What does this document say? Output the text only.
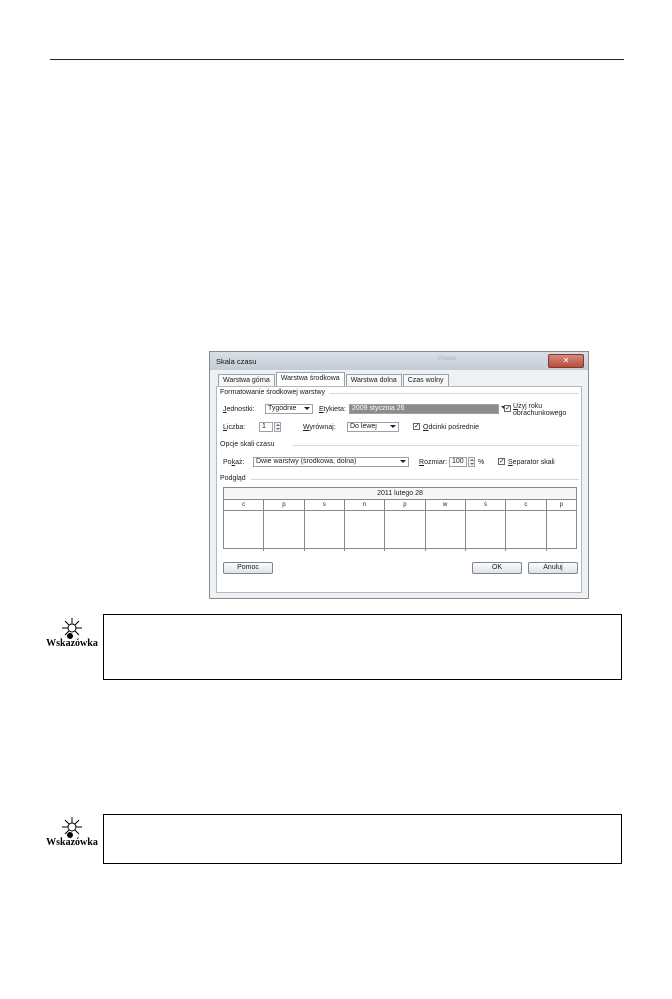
Skala czasu	Proces	✕
Warstwa górna	Warstwa środkowa	Warstwa dolna	Czas wolny
Formatowanie środkowej warstwy
Jednostki:	Tygodnie	Etykieta: 2009 stycznia 26	✓ Użyj roku obrachunkowego
Liczba:	1	Wyrównaj:	Do lewej	✓ Odcinki pośrednie
Opcje skali czasu
Pokaż:	Dwie warstwy (środkowa, dolna)	Rozmiar: 100	% ✓ Separator skali
Podgląd
2011 lutego 28
c	p	s	n	p	w	ś	c	p
Pomoc	OK	Anuluj
Wskazówka
Wskazówka
